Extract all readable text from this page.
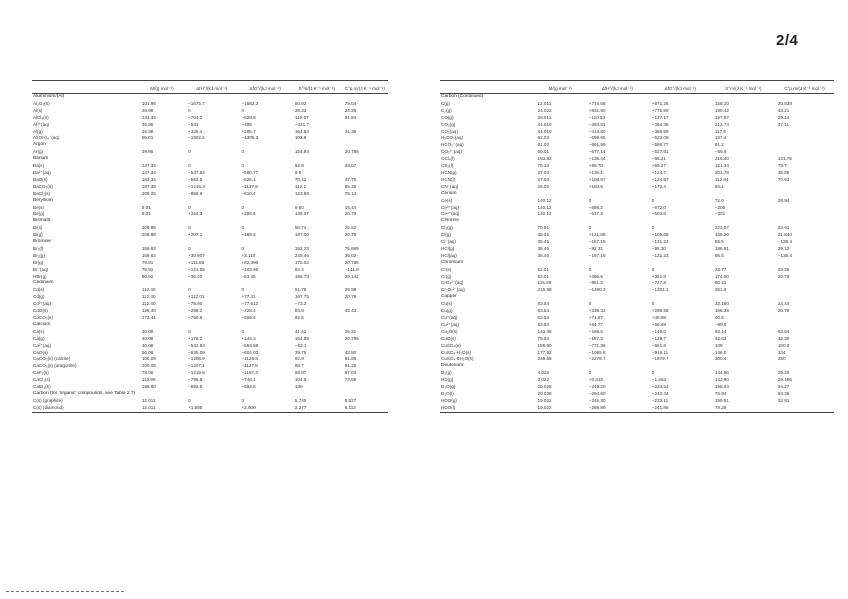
2/4

	M/(g mol⁻¹)	ΔfH°/(kJ mol⁻¹)	ΔfG°/(kJ mol⁻¹)	S°m/(J K⁻¹ mol⁻¹)	C°p,m/(J K⁻¹ mol⁻¹)
Aluminium/(Al)					
Al₂O₃(s)	101.96	−1675.7	−1582.3	50.92	79.04
Al(s)	26.98	0	0	28.33	24.35
AlCl₃(s)	133.34	−704.2	−628.8	110.67	91.84
Al³⁺(aq)	26.98	−531	−485	−321.7	
Al(g)	26.98	+326.4	+285.7	164.54	21.38
Al(OH)₄⁻(aq)	95.01	−1502.5	−1305.3	102.9	
Argon					
Ar(g)	39.95	0	0	154.84	20.786
Barium					
Ba(s)	137.34	0	0	62.8	28.07
Ba²⁺(aq)	137.34	−537.64	−560.77	9.6	
BaO(s)	153.34	−553.5	−525.1	70.42	47.78
BaCO₃(s)	197.35	−1216.3	−1137.6	112.1	85.35
BaCl₂(s)	208.25	−858.6	−810.4	123.68	75.14
Beryllium					
Be(s)	9.01	0	0	9.50	16.44
Be(g)	9.01	+324.3	+286.6	136.27	20.79
Bismuth					
Bi(s)	208.98	0	0	56.74	25.52
Bi(g)	208.98	+207.1	+168.2	187.00	20.79
Bromine					
Br₂(l)	159.82	0	0	152.23	75.689
Br₂(g)	159.82	+30.907	+3.110	245.46	36.02
Br(g)	79.91	+111.88	+82.396	175.02	20.786
Br⁻(aq)	79.91	−121.55	−103.96	82.4	−141.8
HBr(g)	80.92	−36.40	−53.45	198.70	29.142
Cadmium					
Cd(s)	112.40	0	0	51.76	25.98
Cd(g)	112.40	+112.01	+77.41	167.75	20.79
Cd²⁺(aq)	112.40	−75.90	−77.612	−73.2	
CdO(s)	128.40	−258.2	−228.4	54.8	43.43
CdCO₃(s)	172.41	−750.6	−669.4	92.5	
Calcium					
Ca(s)	40.08	0	0	41.42	25.31
Ca(g)	40.08	+178.2	+144.3	154.88	20.786
Ca²⁺(aq)	40.08	−542.83	−553.58	−53.1	
CaO(s)	56.08	−635.09	−604.03	39.75	42.80
CaCO₃(s) (calcite)	100.09	−1206.9	−1128.8	92.9	81.88
CaCO₃(s) (aragonite)	100.09	−1207.1	−1127.8	88.7	81.25
CaF₂(s)	78.08	−1219.6	−1167.3	68.87	67.03
CaCl₂(s)	110.99	−795.8	−748.1	104.6	72.59
CaBr₂(s)	199.90	−682.8	−663.6	130	
Carbon (for ‘organic’ compounds, see Table 2.7)					
C(s) (graphite)	12.011	0	0	5.740	8.527
C(s) (diamond)	12.011	+1.895	+2.900	2.377	6.113

	M/(g mol⁻¹)	ΔfH°/(kJ mol⁻¹)	ΔfG°/(kJ mol⁻¹)	S°m/(J K⁻¹ mol⁻¹)	C°p,m/(J K⁻¹ mol⁻¹)
Carbon (Continued)					
C(g)	12.011	+716.68	+671.26	158.10	20.838
C₂(g)	24.022	+831.90	+775.89	199.42	43.21
CO(g)	28.011	−110.53	−137.17	197.67	29.14
CO₂(g)	44.010	−393.51	−394.36	213.74	37.11
CO₂(aq)	44.010	−413.80	−385.98	117.6	
H₂CO₃(aq)	62.03	−699.65	−623.08	187.4	
HCO₃⁻(aq)	61.02	−691.99	−586.77	91.2	
CO₃²⁻(aq)	60.01	−677.14	−527.81	−56.9	
CCl₄(l)	153.82	−135.44	−65.21	216.40	131.75
CS₂(l)	76.14	+89.70	+65.27	151.34	75.7
HCN(g)	27.03	+135.1	+124.7	201.78	35.86
HCN(l)	27.03	+108.87	+124.97	112.84	70.63
CN⁻(aq)	26.02	+150.6	+172.4	94.1	
Cerium					
Ce(s)	140.12	0	0	72.0	26.94
Ce³⁺(aq)	140.12	−696.2	−672.0	−205	
Ce⁴⁺(aq)	140.12	−537.2	−503.8	−301	
Chlorine					
Cl₂(g)	70.91	0	0	223.07	33.91
Cl(g)	35.45	+121.68	+105.68	165.20	21.840
Cl⁻(aq)	35.45	−167.16	−131.23	56.5	−136.4
HCl(g)	36.46	−92.31	−95.30	186.91	29.12
HCl(aq)	36.46	−167.16	−131.23	56.5	−136.4
Chromium					
Cr(s)	52.01	0	0	23.77	23.35
Cr(g)	52.01	+396.6	+351.8	174.50	20.79
CrO₄²⁻(aq)	115.99	−881.2	−727.8	50.21	
Cr₂O₇²⁻(aq)	215.99	−1490.3	−1301.1	261.9	
Copper					
Cu(s)	63.54	0	0	33.150	24.44
Cu(g)	63.54	+338.32	+298.58	166.38	20.79
Cu⁺(aq)	63.54	+71.67	+49.98	40.6	
Cu²⁺(aq)	63.54	+64.77	+65.49	−99.6	
Cu₂O(s)	143.08	−168.6	−146.0	93.14	63.64
CuO(s)	79.54	−157.3	−129.7	42.63	42.30
CuSO₄(s)	159.60	−771.36	−661.8	109	100.0
CuSO₄·H₂O(s)	177.62	−1085.8	−918.11	146.0	134
CuSO₄·5H₂O(s)	249.68	−2279.7	−1879.7	300.4	280
Deuterium					
D₂(g)	4.028	0	0	144.96	29.20
HD(g)	3.022	+0.318	−1.464	143.80	29.196
D₂O(g)	20.028	−249.20	−234.54	198.34	34.27
D₂O(l)	20.028	−294.60	−243.44	75.94	84.35
HDO(g)	19.022	−245.30	−233.11	199.51	33.81
HDO(l)	19.022	−289.89	−241.86	79.29	
